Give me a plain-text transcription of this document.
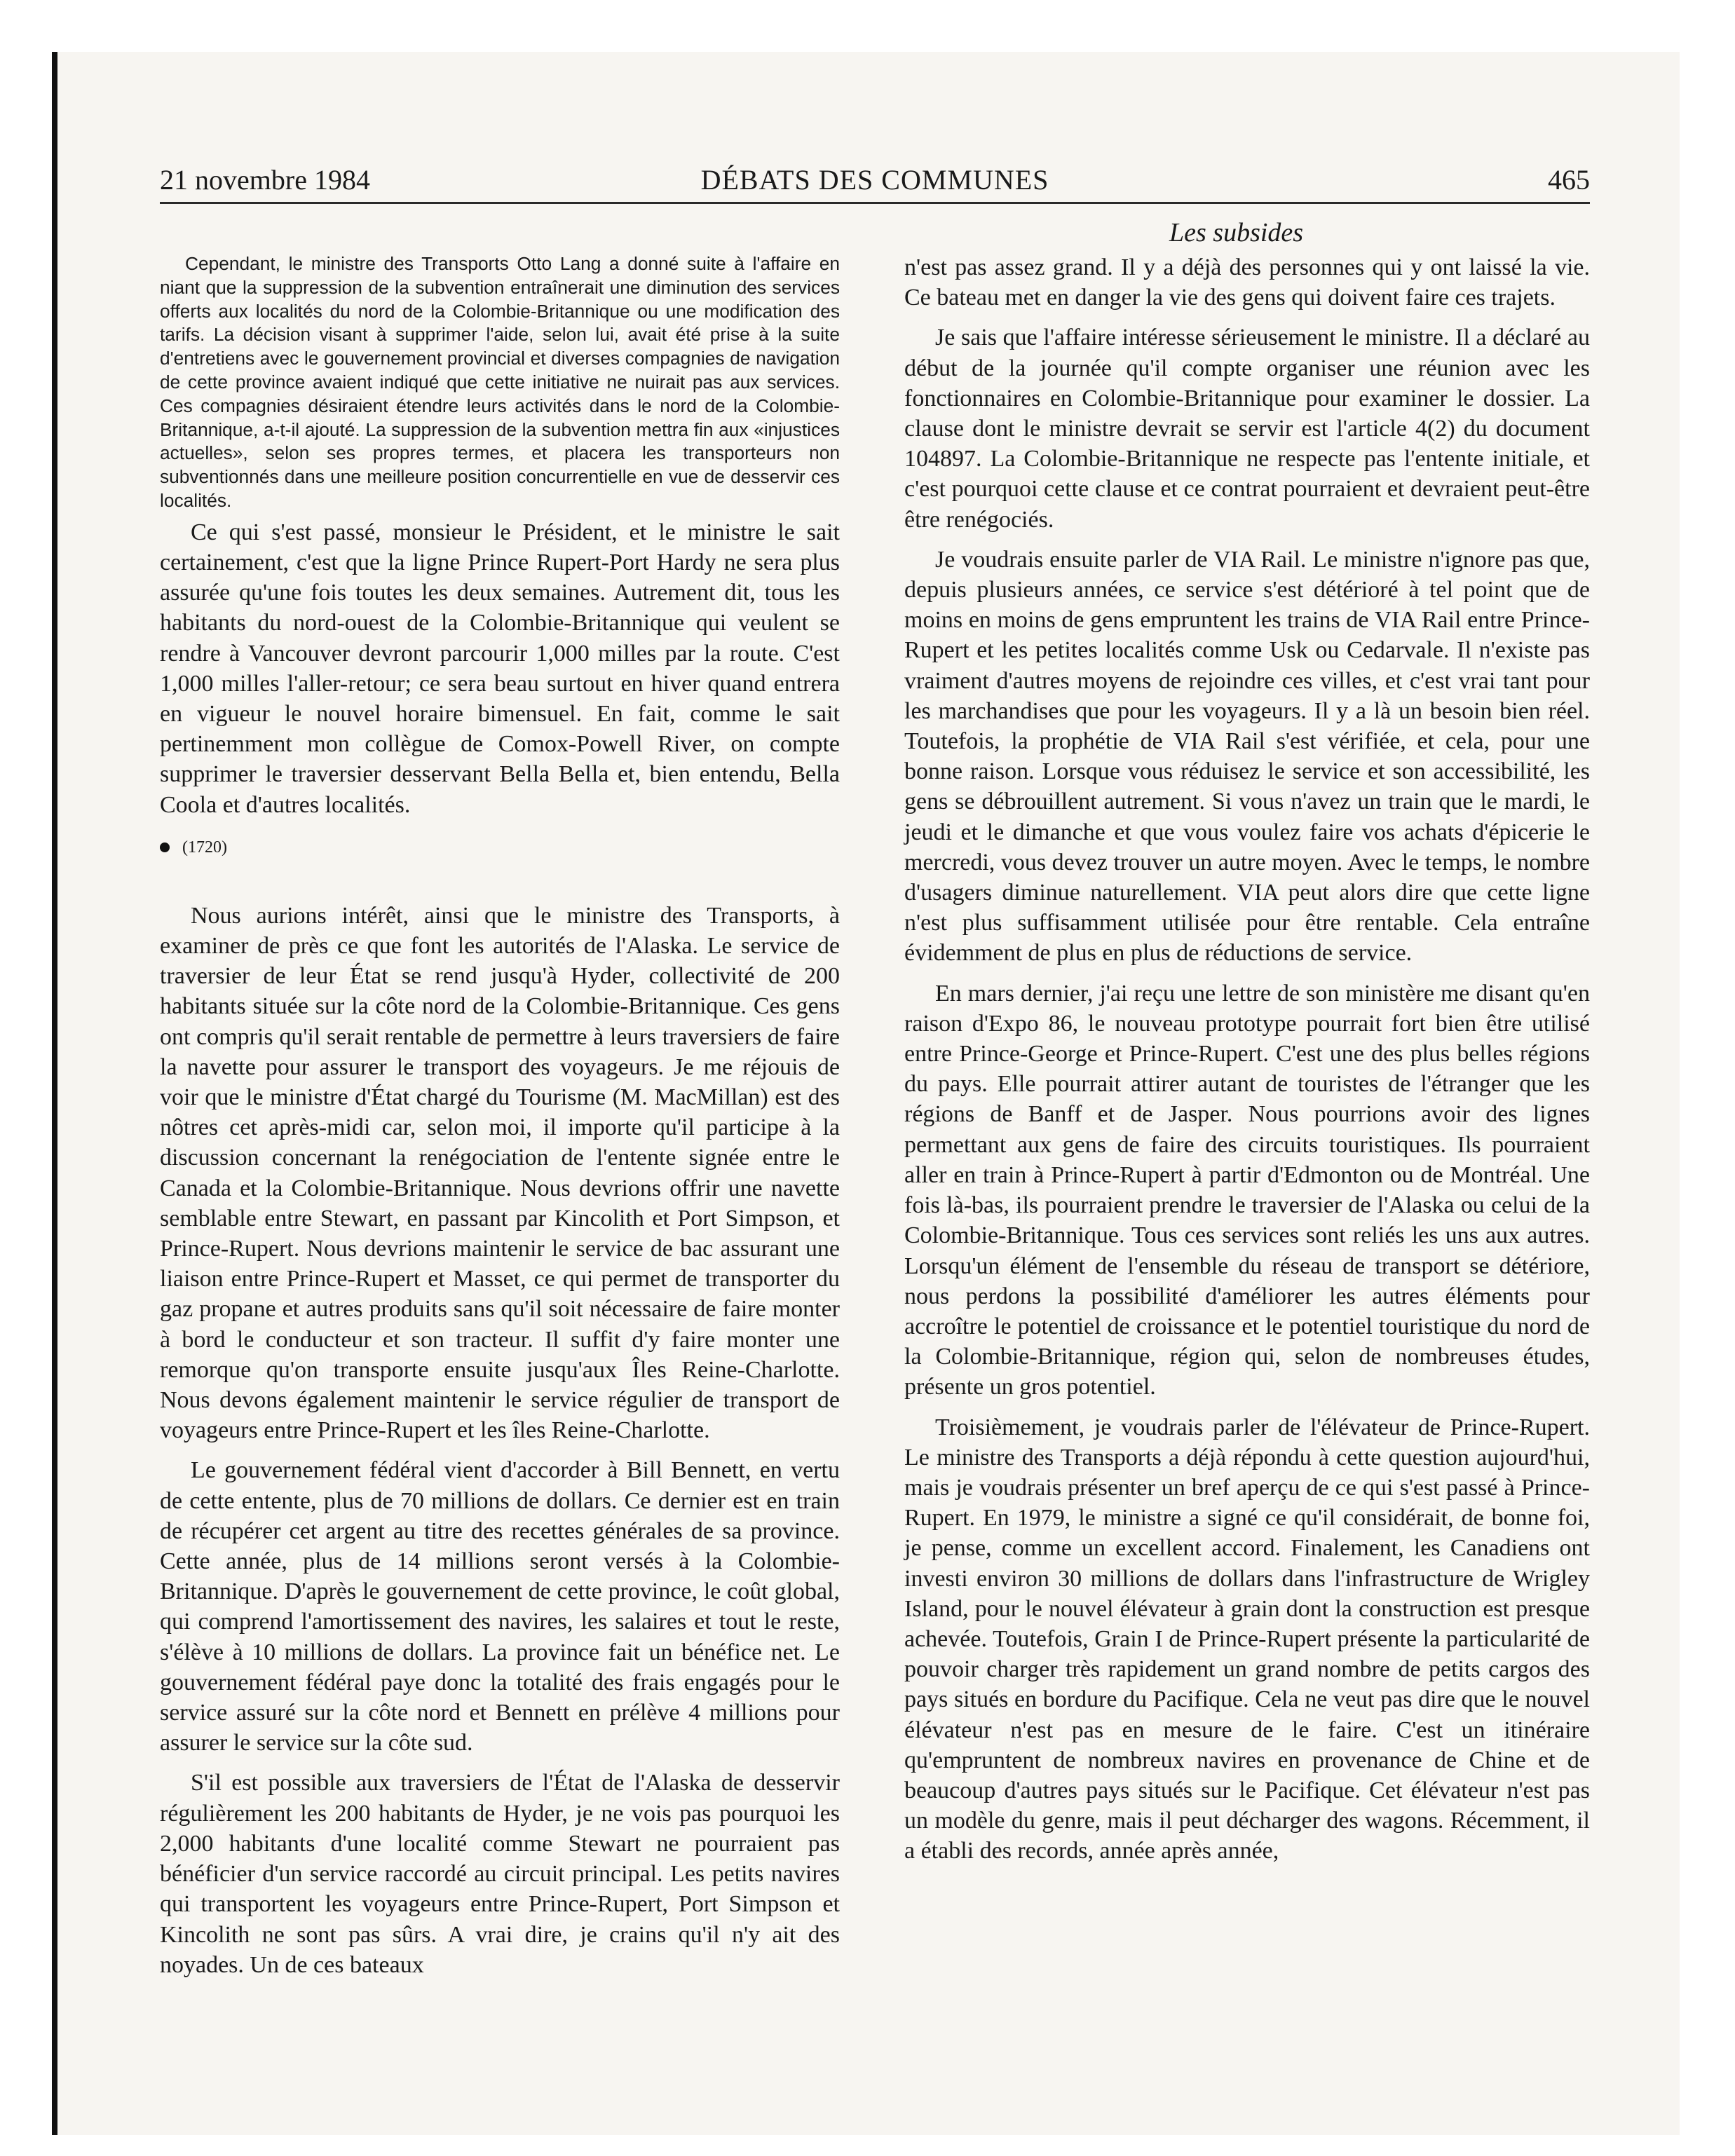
21 novembre 1984	DÉBATS DES COMMUNES	465
Les subsides

Cependant, le ministre des Transports Otto Lang a donné suite à l'affaire en niant que la suppression de la subvention entraînerait une diminution des services offerts aux localités du nord de la Colombie-Britannique ou une modification des tarifs. La décision visant à supprimer l'aide, selon lui, avait été prise à la suite d'entretiens avec le gouvernement provincial et diverses compagnies de navigation de cette province avaient indiqué que cette initiative ne nuirait pas aux services. Ces compagnies désiraient étendre leurs activités dans le nord de la Colombie-Britannique, a-t-il ajouté. La suppression de la subvention mettra fin aux «injustices actuelles», selon ses propres termes, et placera les transporteurs non subventionnés dans une meilleure position concurrentielle en vue de desservir ces localités.

Ce qui s'est passé, monsieur le Président, et le ministre le sait certainement, c'est que la ligne Prince Rupert-Port Hardy ne sera plus assurée qu'une fois toutes les deux semaines. Autrement dit, tous les habitants du nord-ouest de la Colombie-Britannique qui veulent se rendre à Vancouver devront parcourir 1,000 milles par la route. C'est 1,000 milles l'aller-retour; ce sera beau surtout en hiver quand entrera en vigueur le nouvel horaire bimensuel. En fait, comme le sait pertinemment mon collègue de Comox-Powell River, on compte supprimer le traversier desservant Bella Bella et, bien entendu, Bella Coola et d'autres localités.

(1720)

Nous aurions intérêt, ainsi que le ministre des Transports, à examiner de près ce que font les autorités de l'Alaska. Le service de traversier de leur État se rend jusqu'à Hyder, collectivité de 200 habitants située sur la côte nord de la Colombie-Britannique. Ces gens ont compris qu'il serait rentable de permettre à leurs traversiers de faire la navette pour assurer le transport des voyageurs. Je me réjouis de voir que le ministre d'État chargé du Tourisme (M. MacMillan) est des nôtres cet après-midi car, selon moi, il importe qu'il participe à la discussion concernant la renégociation de l'entente signée entre le Canada et la Colombie-Britannique. Nous devrions offrir une navette semblable entre Stewart, en passant par Kincolith et Port Simpson, et Prince-Rupert. Nous devrions maintenir le service de bac assurant une liaison entre Prince-Rupert et Masset, ce qui permet de transporter du gaz propane et autres produits sans qu'il soit nécessaire de faire monter à bord le conducteur et son tracteur. Il suffit d'y faire monter une remorque qu'on transporte ensuite jusqu'aux Îles Reine-Charlotte. Nous devons également maintenir le service régulier de transport de voyageurs entre Prince-Rupert et les îles Reine-Charlotte.

Le gouvernement fédéral vient d'accorder à Bill Bennett, en vertu de cette entente, plus de 70 millions de dollars. Ce dernier est en train de récupérer cet argent au titre des recettes générales de sa province. Cette année, plus de 14 millions seront versés à la Colombie-Britannique. D'après le gouvernement de cette province, le coût global, qui comprend l'amortissement des navires, les salaires et tout le reste, s'élève à 10 millions de dollars. La province fait un bénéfice net. Le gouvernement fédéral paye donc la totalité des frais engagés pour le service assuré sur la côte nord et Bennett en prélève 4 millions pour assurer le service sur la côte sud.

S'il est possible aux traversiers de l'État de l'Alaska de desservir régulièrement les 200 habitants de Hyder, je ne vois pas pourquoi les 2,000 habitants d'une localité comme Stewart ne pourraient pas bénéficier d'un service raccordé au circuit principal. Les petits navires qui transportent les voyageurs entre Prince-Rupert, Port Simpson et Kincolith ne sont pas sûrs. A vrai dire, je crains qu'il n'y ait des noyades. Un de ces bateaux

n'est pas assez grand. Il y a déjà des personnes qui y ont laissé la vie. Ce bateau met en danger la vie des gens qui doivent faire ces trajets.

Je sais que l'affaire intéresse sérieusement le ministre. Il a déclaré au début de la journée qu'il compte organiser une réunion avec les fonctionnaires en Colombie-Britannique pour examiner le dossier. La clause dont le ministre devrait se servir est l'article 4(2) du document 104897. La Colombie-Britannique ne respecte pas l'entente initiale, et c'est pourquoi cette clause et ce contrat pourraient et devraient peut-être être renégociés.

Je voudrais ensuite parler de VIA Rail. Le ministre n'ignore pas que, depuis plusieurs années, ce service s'est détérioré à tel point que de moins en moins de gens empruntent les trains de VIA Rail entre Prince-Rupert et les petites localités comme Usk ou Cedarvale. Il n'existe pas vraiment d'autres moyens de rejoindre ces villes, et c'est vrai tant pour les marchandises que pour les voyageurs. Il y a là un besoin bien réel. Toutefois, la prophétie de VIA Rail s'est vérifiée, et cela, pour une bonne raison. Lorsque vous réduisez le service et son accessibilité, les gens se débrouillent autrement. Si vous n'avez un train que le mardi, le jeudi et le dimanche et que vous voulez faire vos achats d'épicerie le mercredi, vous devez trouver un autre moyen. Avec le temps, le nombre d'usagers diminue naturellement. VIA peut alors dire que cette ligne n'est plus suffisamment utilisée pour être rentable. Cela entraîne évidemment de plus en plus de réductions de service.

En mars dernier, j'ai reçu une lettre de son ministère me disant qu'en raison d'Expo 86, le nouveau prototype pourrait fort bien être utilisé entre Prince-George et Prince-Rupert. C'est une des plus belles régions du pays. Elle pourrait attirer autant de touristes de l'étranger que les régions de Banff et de Jasper. Nous pourrions avoir des lignes permettant aux gens de faire des circuits touristiques. Ils pourraient aller en train à Prince-Rupert à partir d'Edmonton ou de Montréal. Une fois là-bas, ils pourraient prendre le traversier de l'Alaska ou celui de la Colombie-Britannique. Tous ces services sont reliés les uns aux autres. Lorsqu'un élément de l'ensemble du réseau de transport se détériore, nous perdons la possibilité d'améliorer les autres éléments pour accroître le potentiel de croissance et le potentiel touristique du nord de la Colombie-Britannique, région qui, selon de nombreuses études, présente un gros potentiel.

Troisièmement, je voudrais parler de l'élévateur de Prince-Rupert. Le ministre des Transports a déjà répondu à cette question aujourd'hui, mais je voudrais présenter un bref aperçu de ce qui s'est passé à Prince-Rupert. En 1979, le ministre a signé ce qu'il considérait, de bonne foi, je pense, comme un excellent accord. Finalement, les Canadiens ont investi environ 30 millions de dollars dans l'infrastructure de Wrigley Island, pour le nouvel élévateur à grain dont la construction est presque achevée. Toutefois, Grain I de Prince-Rupert présente la particularité de pouvoir charger très rapidement un grand nombre de petits cargos des pays situés en bordure du Pacifique. Cela ne veut pas dire que le nouvel élévateur n'est pas en mesure de le faire. C'est un itinéraire qu'empruntent de nombreux navires en provenance de Chine et de beaucoup d'autres pays situés sur le Pacifique. Cet élévateur n'est pas un modèle du genre, mais il peut décharger des wagons. Récemment, il a établi des records, année après année,
